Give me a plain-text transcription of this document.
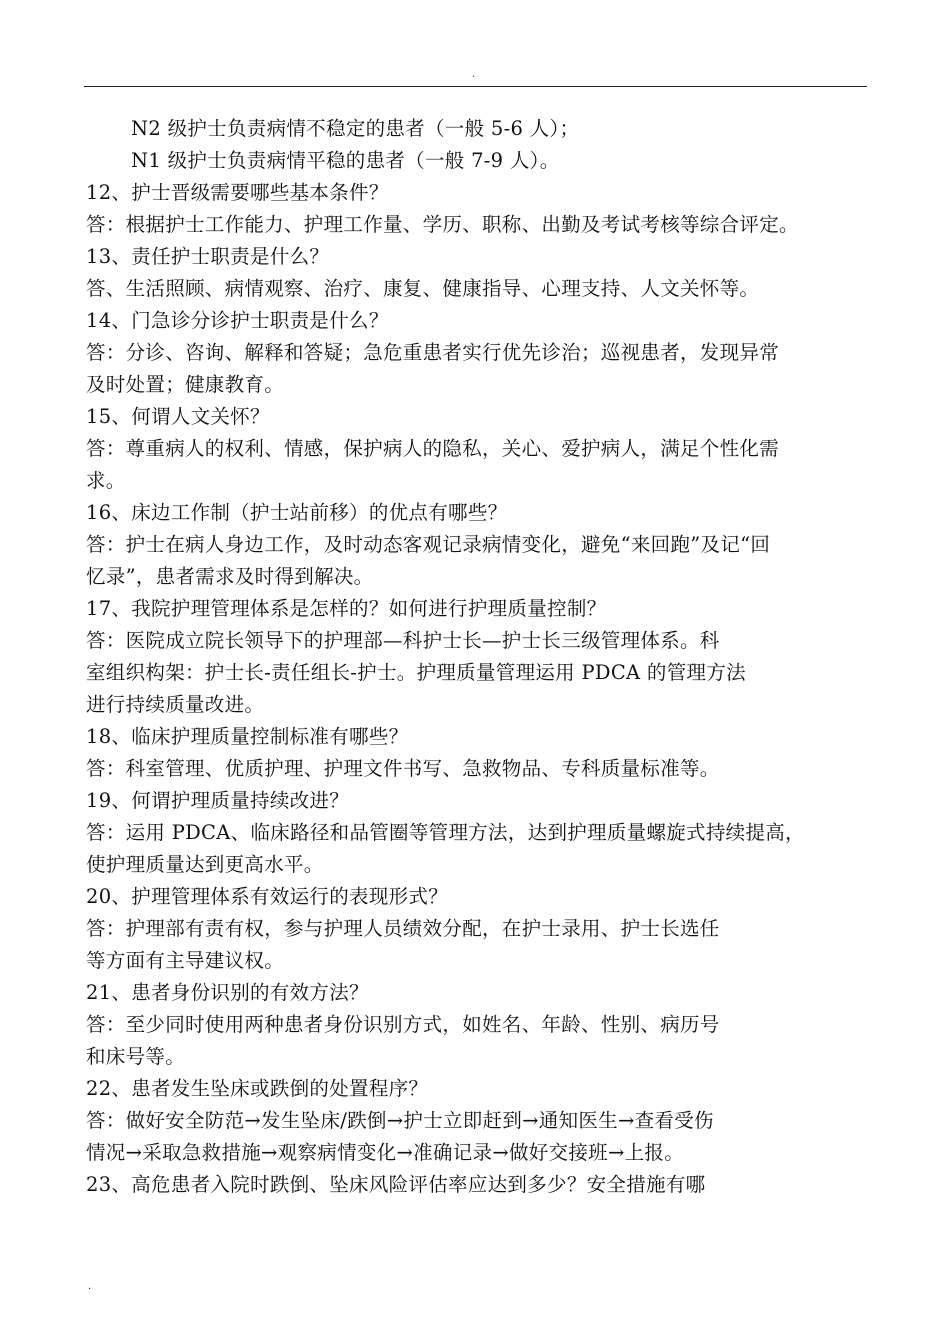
.
N2 级护士负责病情不稳定的患者（一般 5-6 人）；
N1 级护士负责病情平稳的患者（一般 7-9 人）。
12、护士晋级需要哪些基本条件？
答：根据护士工作能力、护理工作量、学历、职称、出勤及考试考核等综合评定。
13、责任护士职责是什么？
答、生活照顾、病情观察、治疗、康复、健康指导、心理支持、人文关怀等。
14、门急诊分诊护士职责是什么？
答：分诊、咨询、解释和答疑；急危重患者实行优先诊治；巡视患者，发现异常
及时处置；健康教育。
15、何谓人文关怀？
答：尊重病人的权利、情感，保护病人的隐私，关心、爱护病人，满足个性化需
求。
16、床边工作制（护士站前移）的优点有哪些？
答：护士在病人身边工作，及时动态客观记录病情变化，避免“来回跑”及记“回
忆录”，患者需求及时得到解决。
17、我院护理管理体系是怎样的？如何进行护理质量控制？
答：医院成立院长领导下的护理部—科护士长—护士长三级管理体系。科
室组织构架：护士长-责任组长-护士。护理质量管理运用 PDCA 的管理方法
进行持续质量改进。
18、临床护理质量控制标准有哪些？
答：科室管理、优质护理、护理文件书写、急救物品、专科质量标准等。
19、何谓护理质量持续改进？
答：运用 PDCA、临床路径和品管圈等管理方法，达到护理质量螺旋式持续提高，
使护理质量达到更高水平。
20、护理管理体系有效运行的表现形式？
答：护理部有责有权，参与护理人员绩效分配，在护士录用、护士长选任
等方面有主导建议权。
21、患者身份识别的有效方法？
答：至少同时使用两种患者身份识别方式，如姓名、年龄、性别、病历号
和床号等。
22、患者发生坠床或跌倒的处置程序？
答：做好安全防范→发生坠床/跌倒→护士立即赶到→通知医生→查看受伤
情况→采取急救措施→观察病情变化→准确记录→做好交接班→上报。
23、高危患者入院时跌倒、坠床风险评估率应达到多少？安全措施有哪
.
